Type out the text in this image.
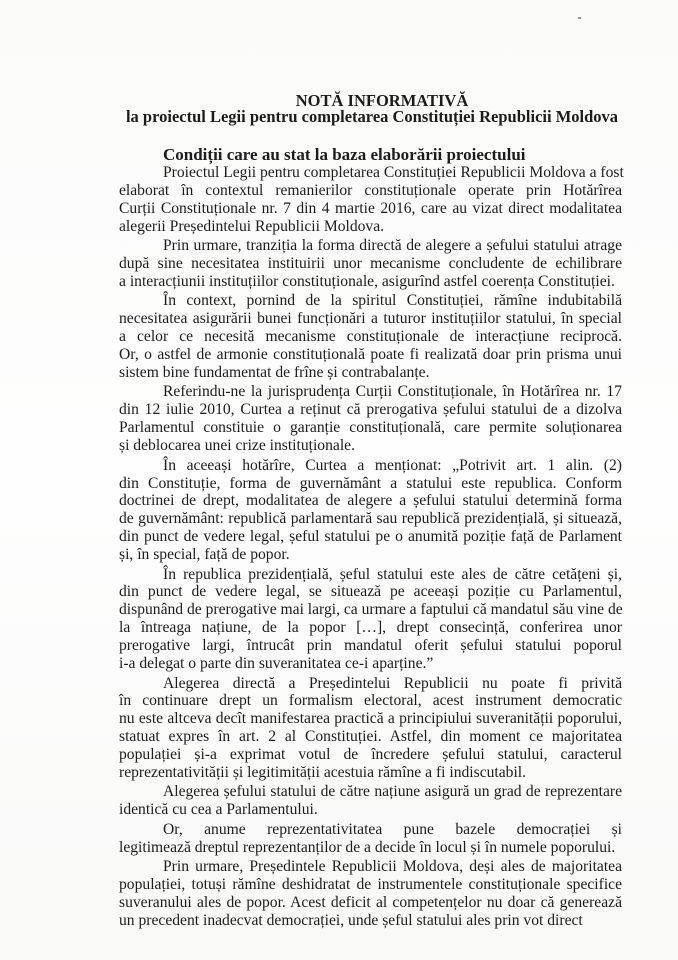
NOTĂ INFORMATIVĂ
la proiectul Legii pentru completarea Constituției Republicii Moldova
Condiții care au stat la baza elaborării proiectului
Proiectul Legii pentru completarea Constituției Republicii Moldova a fost
elaborat în contextul remanierilor constituționale operate prin Hotărîrea
Curții Constituționale nr. 7 din 4 martie 2016, care au vizat direct modalitatea
alegerii Președintelui Republicii Moldova.
Prin urmare, tranziția la forma directă de alegere a șefului statului atrage
după sine necesitatea instituirii unor mecanisme concludente de echilibrare
a interacțiunii instituțiilor constituționale, asigurînd astfel coerența Constituției.
În context, pornind de la spiritul Constituției, rămîne indubitabilă
necesitatea asigurării bunei funcționări a tuturor instituțiilor statului, în special
a celor ce necesită mecanisme constituționale de interacțiune reciprocă.
Or, o astfel de armonie constituțională poate fi realizată doar prin prisma unui
sistem bine fundamentat de frîne și contrabalanțe.
Referindu-ne la jurisprudența Curții Constituționale, în Hotărîrea nr. 17
din 12 iulie 2010, Curtea a reținut că prerogativa șefului statului de a dizolva
Parlamentul constituie o garanție constituțională, care permite soluționarea
și deblocarea unei crize instituționale.
În aceeași hotărîre, Curtea a menționat: „Potrivit art. 1 alin. (2)
din Constituție, forma de guvernământ a statului este republica. Conform
doctrinei de drept, modalitatea de alegere a șefului statului determină forma
de guvernământ: republică parlamentară sau republică prezidențială, și situează,
din punct de vedere legal, șeful statului pe o anumită poziție față de Parlament
și, în special, față de popor.
În republica prezidențială, șeful statului este ales de către cetățeni și,
din punct de vedere legal, se situează pe aceeași poziție cu Parlamentul,
dispunând de prerogative mai largi, ca urmare a faptului că mandatul său vine de
la întreaga națiune, de la popor […], drept consecință, conferirea unor
prerogative largi, întrucât prin mandatul oferit șefului statului poporul
i-a delegat o parte din suveranitatea ce-i aparține.”
Alegerea directă a Președintelui Republicii nu poate fi privită
în continuare drept un formalism electoral, acest instrument democratic
nu este altceva decît manifestarea practică a principiului suveranității poporului,
statuat expres în art. 2 al Constituției. Astfel, din moment ce majoritatea
populației și-a exprimat votul de încredere șefului statului, caracterul
reprezentativității și legitimității acestuia rămîne a fi indiscutabil.
Alegerea șefului statului de către națiune asigură un grad de reprezentare
identică cu cea a Parlamentului.
Or, anume reprezentativitatea pune bazele democrației și
legitimează dreptul reprezentanților de a decide în locul și în numele poporului.
Prin urmare, Președintele Republicii Moldova, deși ales de majoritatea
populației, totuși rămîne deshidratat de instrumentele constituționale specifice
suveranului ales de popor. Acest deficit al competențelor nu doar că generează
un precedent inadecvat democrației, unde șeful statului ales prin vot direct
